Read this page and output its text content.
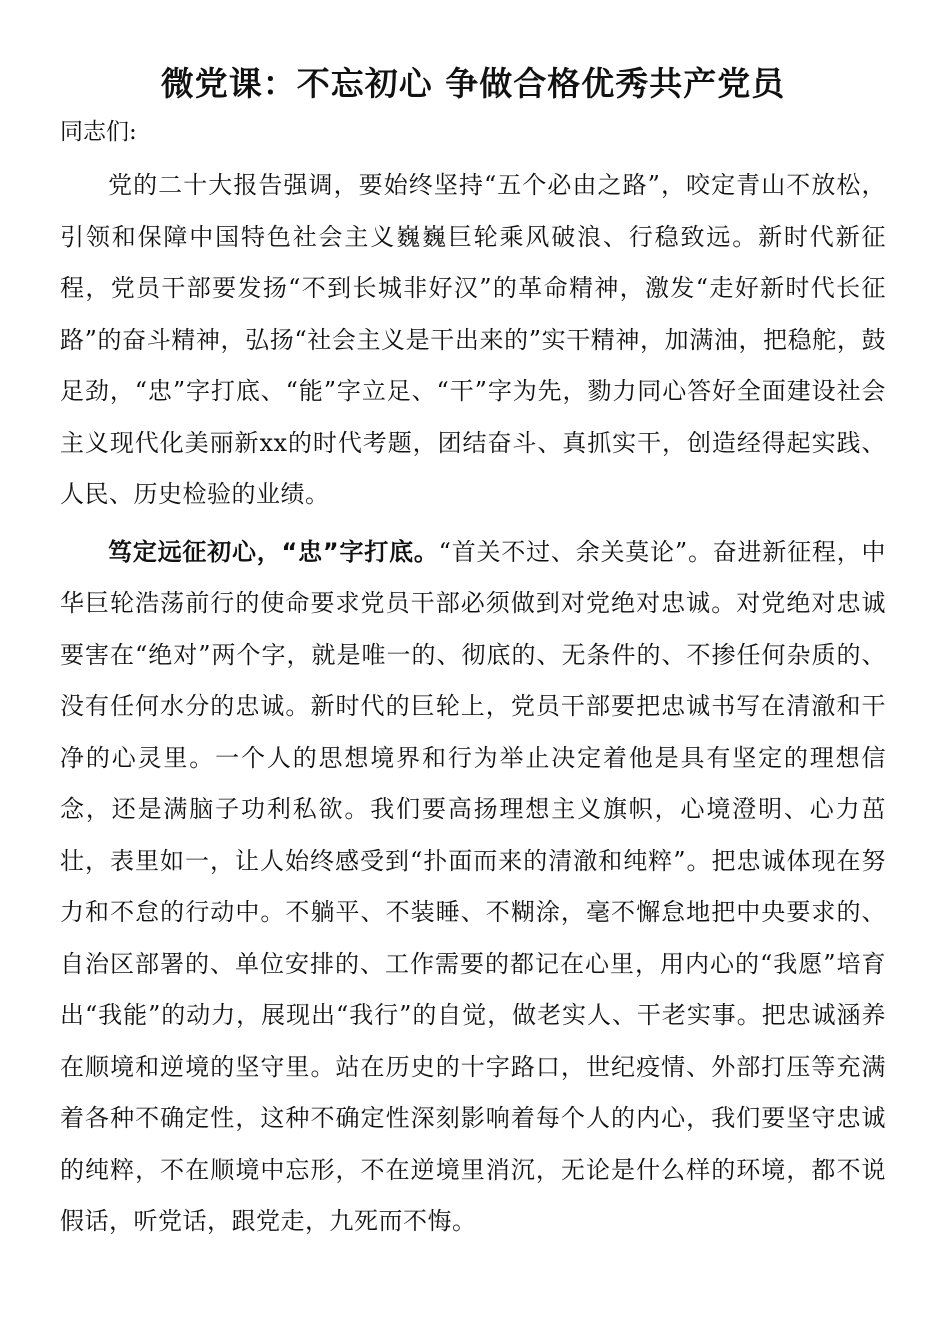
微党课：不忘初心 争做合格优秀共产党员
同志们:

党的二十大报告强调，要始终坚持“五个必由之路”，咬定青山不放松，引领和保障中国特色社会主义巍巍巨轮乘风破浪、行稳致远。新时代新征程，党员干部要发扬“不到长城非好汉”的革命精神，激发“走好新时代长征路”的奋斗精神，弘扬“社会主义是干出来的”实干精神，加满油，把稳舵，鼓足劲，“忠”字打底、“能”字立足、“干”字为先，勠力同心答好全面建设社会主义现代化美丽新xx的时代考题，团结奋斗、真抓实干，创造经得起实践、人民、历史检验的业绩。

笃定远征初心，“忠”字打底。“首关不过、余关莫论”。奋进新征程，中华巨轮浩荡前行的使命要求党员干部必须做到对党绝对忠诚。对党绝对忠诚要害在“绝对”两个字，就是唯一的、彻底的、无条件的、不掺任何杂质的、没有任何水分的忠诚。新时代的巨轮上，党员干部要把忠诚书写在清澈和干净的心灵里。一个人的思想境界和行为举止决定着他是具有坚定的理想信念，还是满脑子功利私欲。我们要高扬理想主义旗帜，心境澄明、心力茁壮，表里如一，让人始终感受到“扑面而来的清澈和纯粹”。把忠诚体现在努力和不怠的行动中。不躺平、不装睡、不糊涂，毫不懈怠地把中央要求的、自治区部署的、单位安排的、工作需要的都记在心里，用内心的“我愿”培育出“我能”的动力，展现出“我行”的自觉，做老实人、干老实事。把忠诚涵养在顺境和逆境的坚守里。站在历史的十字路口，世纪疫情、外部打压等充满着各种不确定性，这种不确定性深刻影响着每个人的内心，我们要坚守忠诚的纯粹，不在顺境中忘形，不在逆境里消沉，无论是什么样的环境，都不说假话，听党话，跟党走，九死而不悔。
